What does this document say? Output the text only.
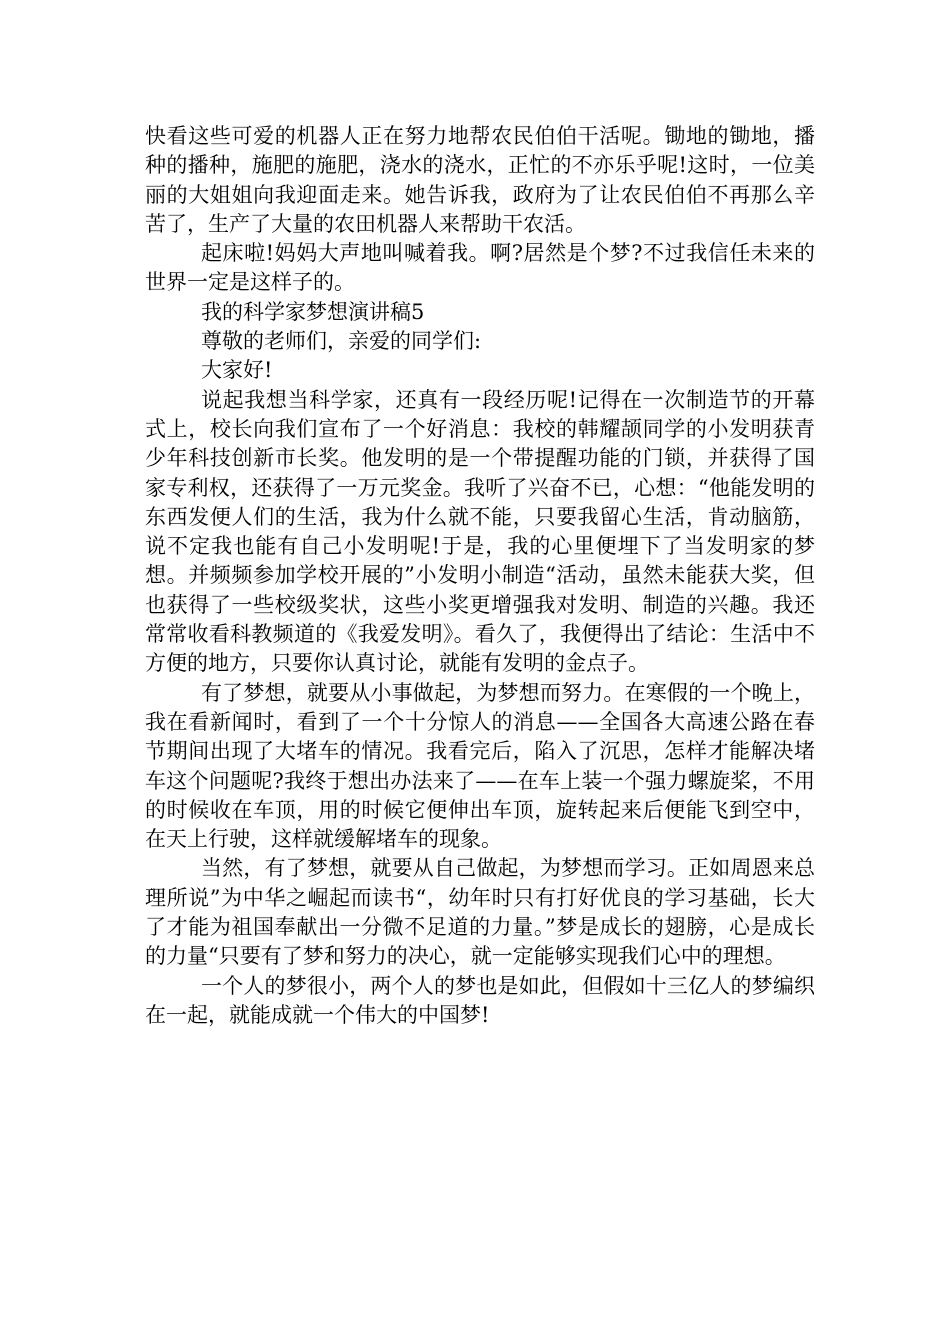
快看这些可爱的机器人正在努力地帮农民伯伯干活呢。锄地的锄地，播种的播种，施肥的施肥，浇水的浇水，正忙的不亦乐乎呢!这时，一位美丽的大姐姐向我迎面走来。她告诉我，政府为了让农民伯伯不再那么辛苦了，生产了大量的农田机器人来帮助干农活。

起床啦!妈妈大声地叫喊着我。啊?居然是个梦?不过我信任未来的世界一定是这样子的。

我的科学家梦想演讲稿5

尊敬的老师们，亲爱的同学们:

大家好!

说起我想当科学家，还真有一段经历呢!记得在一次制造节的开幕式上，校长向我们宣布了一个好消息：我校的韩耀颉同学的小发明获青少年科技创新市长奖。他发明的是一个带提醒功能的门锁，并获得了国家专利权，还获得了一万元奖金。我听了兴奋不已，心想：“他能发明的东西发便人们的生活，我为什么就不能，只要我留心生活，肯动脑筋，说不定我也能有自己小发明呢!于是，我的心里便埋下了当发明家的梦想。并频频参加学校开展的”小发明小制造“活动，虽然未能获大奖，但也获得了一些校级奖状，这些小奖更增强我对发明、制造的兴趣。我还常常收看科教频道的《我爱发明》。看久了，我便得出了结论：生活中不方便的地方，只要你认真讨论，就能有发明的金点子。

有了梦想，就要从小事做起，为梦想而努力。在寒假的一个晚上，我在看新闻时，看到了一个十分惊人的消息——全国各大高速公路在春节期间出现了大堵车的情况。我看完后，陷入了沉思，怎样才能解决堵车这个问题呢?我终于想出办法来了——在车上装一个强力螺旋桨，不用的时候收在车顶，用的时候它便伸出车顶，旋转起来后便能飞到空中，在天上行驶，这样就缓解堵车的现象。

当然，有了梦想，就要从自己做起，为梦想而学习。正如周恩来总理所说”为中华之崛起而读书“，幼年时只有打好优良的学习基础，长大了才能为祖国奉献出一分微不足道的力量。”梦是成长的翅膀，心是成长的力量“只要有了梦和努力的决心，就一定能够实现我们心中的理想。

一个人的梦很小，两个人的梦也是如此，但假如十三亿人的梦编织在一起，就能成就一个伟大的中国梦!
